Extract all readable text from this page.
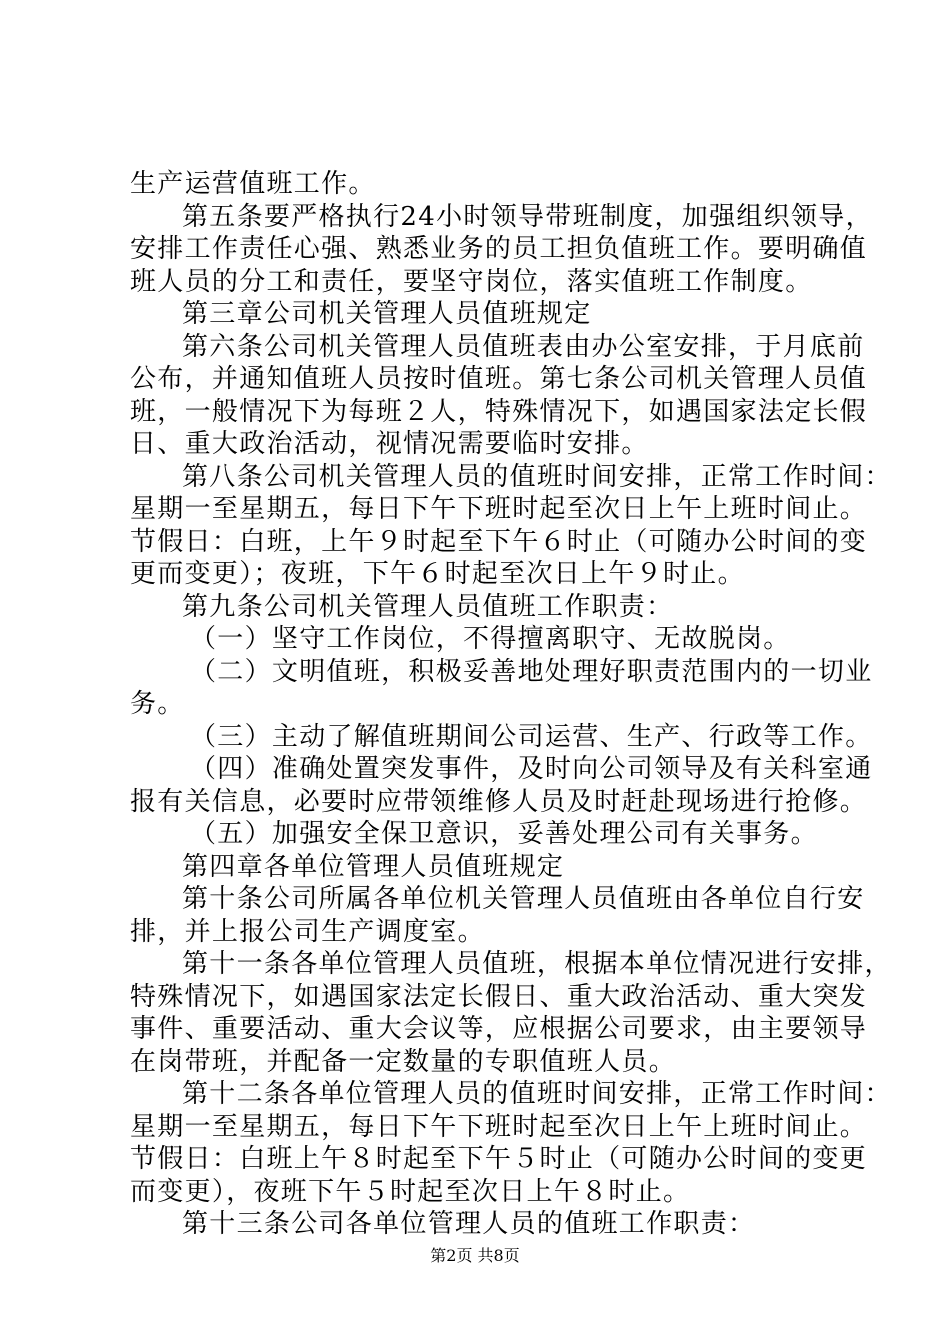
生产运营值班工作。
第五条要严格执行24小时领导带班制度，加强组织领导，
安排工作责任心强、熟悉业务的员工担负值班工作。要明确值
班人员的分工和责任，要坚守岗位，落实值班工作制度。
第三章公司机关管理人员值班规定
第六条公司机关管理人员值班表由办公室安排，于月底前
公布，并通知值班人员按时值班。第七条公司机关管理人员值
班，一般情况下为每班２人，特殊情况下，如遇国家法定长假
日、重大政治活动，视情况需要临时安排。
第八条公司机关管理人员的值班时间安排，正常工作时间：
星期一至星期五，每日下午下班时起至次日上午上班时间止。
节假日：白班，上午９时起至下午６时止（可随办公时间的变
更而变更）；夜班，下午６时起至次日上午９时止。
第九条公司机关管理人员值班工作职责：
（一）坚守工作岗位，不得擅离职守、无故脱岗。
（二）文明值班，积极妥善地处理好职责范围内的一切业
务。
（三）主动了解值班期间公司运营、生产、行政等工作。
（四）准确处置突发事件，及时向公司领导及有关科室通
报有关信息，必要时应带领维修人员及时赶赴现场进行抢修。
（五）加强安全保卫意识，妥善处理公司有关事务。
第四章各单位管理人员值班规定
第十条公司所属各单位机关管理人员值班由各单位自行安
排，并上报公司生产调度室。
第十一条各单位管理人员值班，根据本单位情况进行安排，
特殊情况下，如遇国家法定长假日、重大政治活动、重大突发
事件、重要活动、重大会议等，应根据公司要求，由主要领导
在岗带班，并配备一定数量的专职值班人员。
第十二条各单位管理人员的值班时间安排，正常工作时间：
星期一至星期五，每日下午下班时起至次日上午上班时间止。
节假日：白班上午８时起至下午５时止（可随办公时间的变更
而变更），夜班下午５时起至次日上午８时止。
第十三条公司各单位管理人员的值班工作职责：
第2页 共8页
